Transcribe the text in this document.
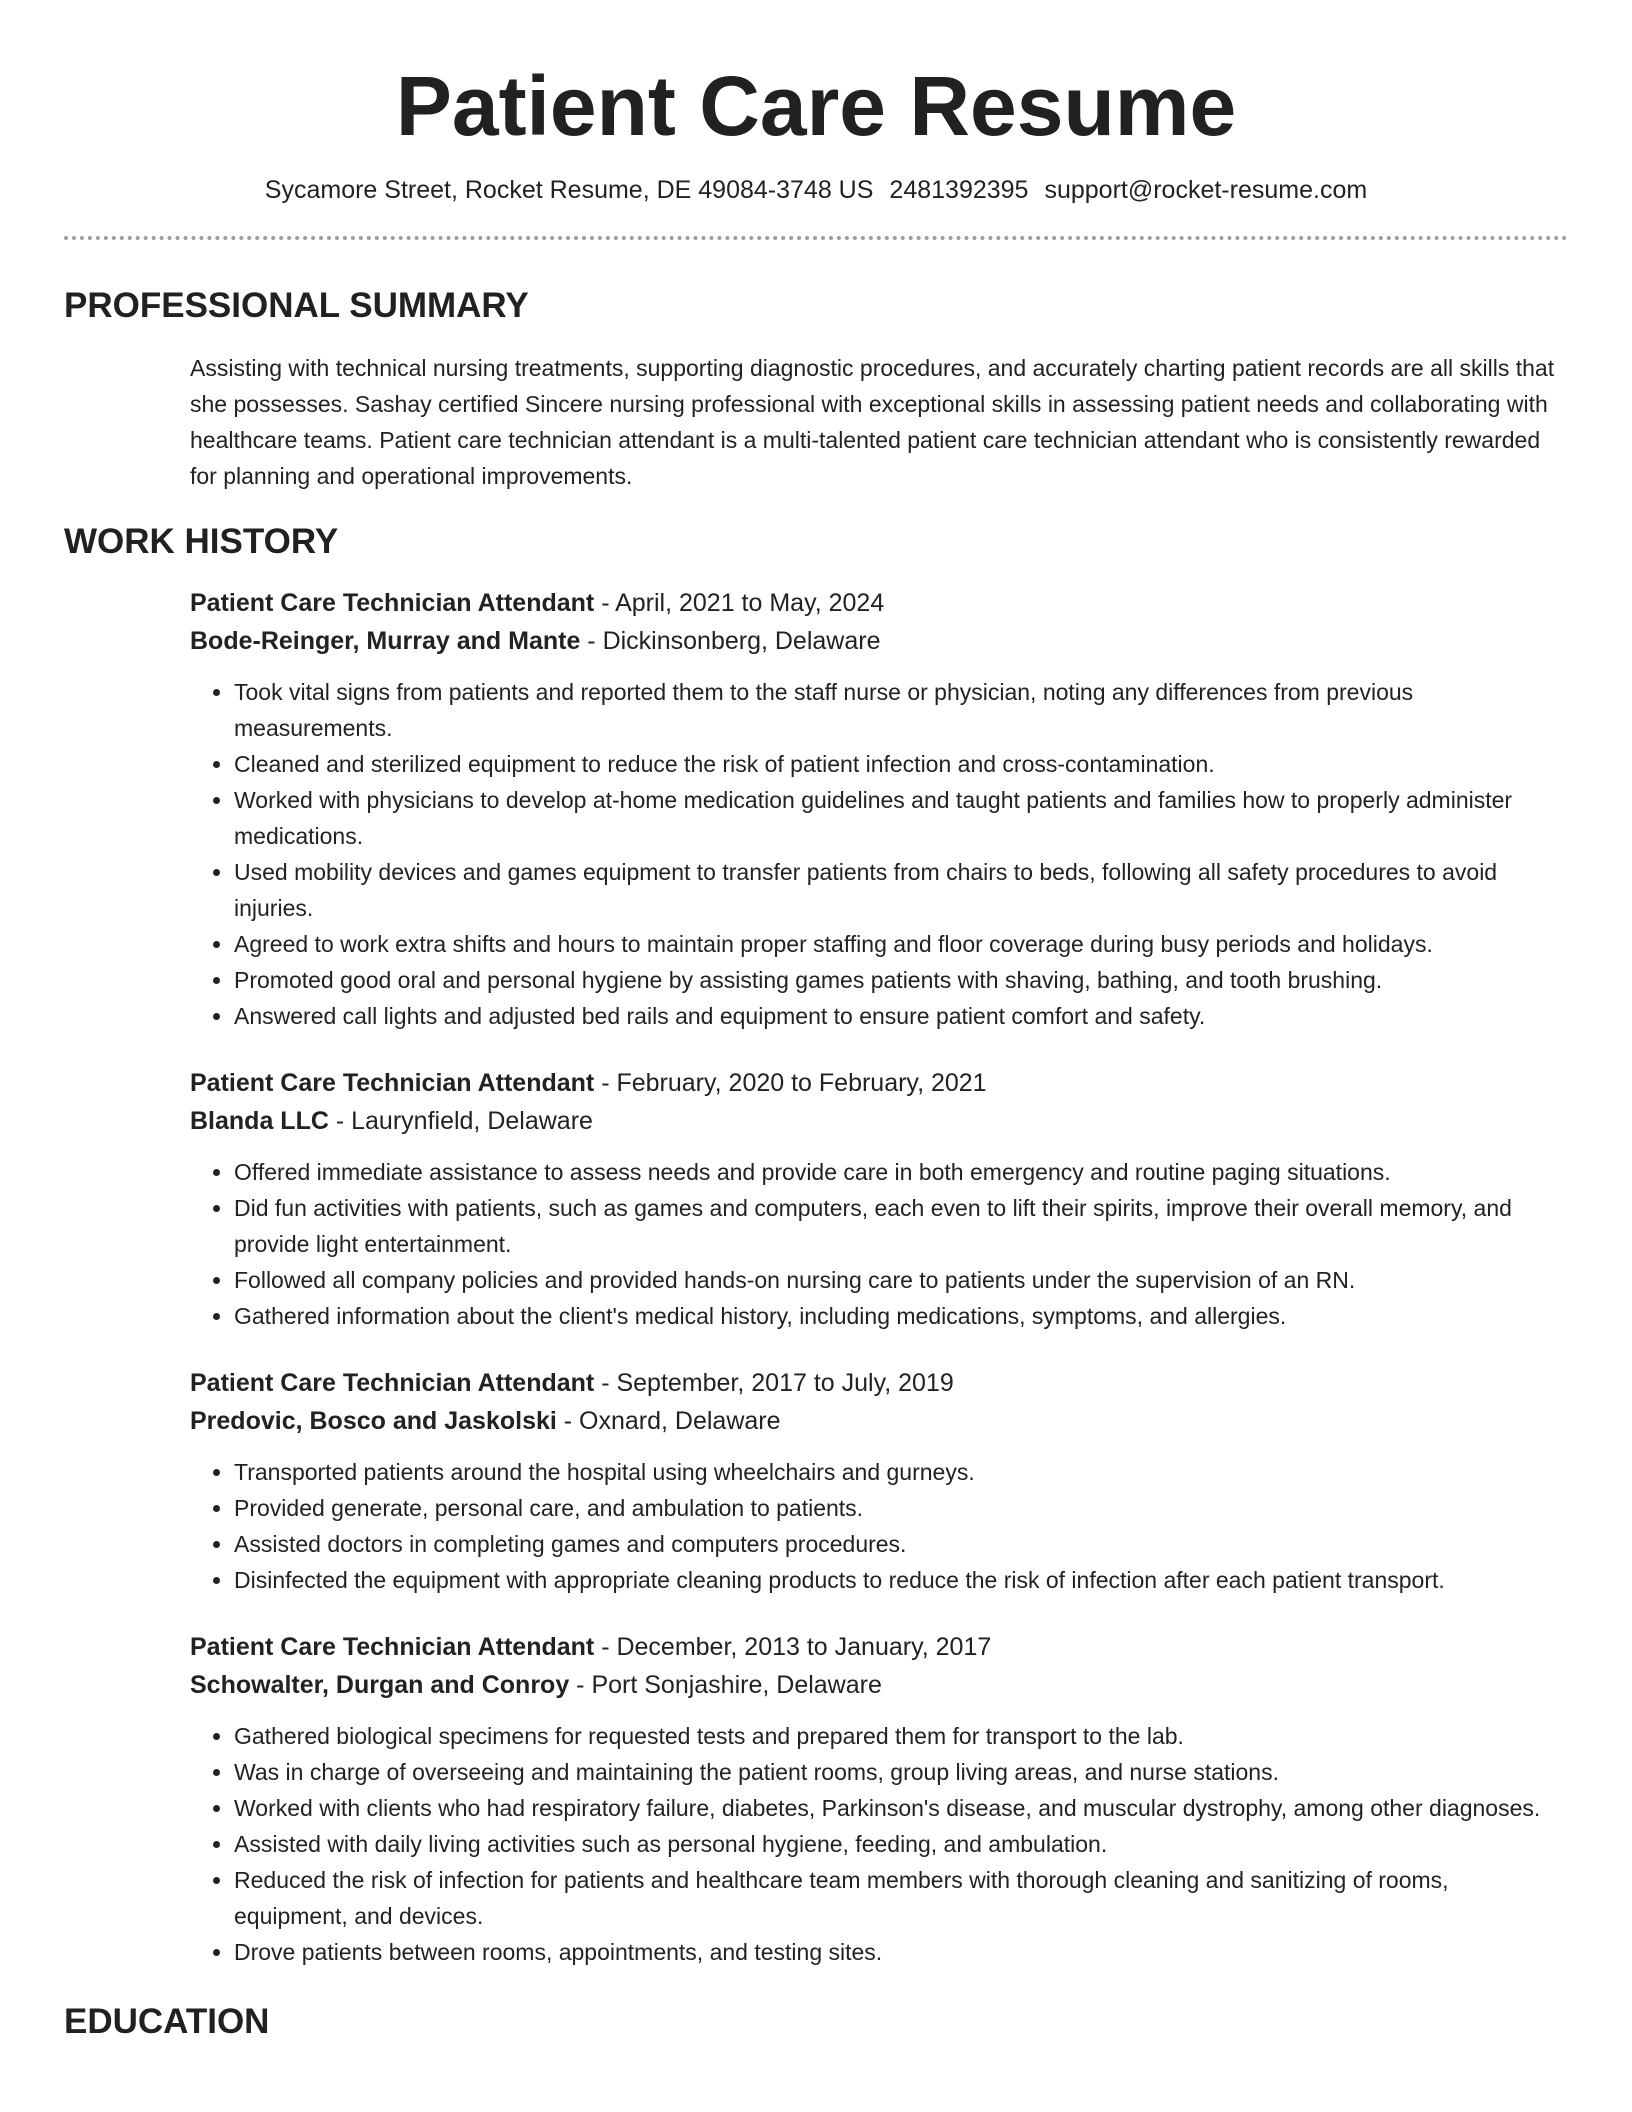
Patient Care Resume
Sycamore Street, Rocket Resume, DE 49084-3748 US 2481392395 support@rocket-resume.com
PROFESSIONAL SUMMARY
Assisting with technical nursing treatments, supporting diagnostic procedures, and accurately charting patient records are all skills that she possesses. Sashay certified Sincere nursing professional with exceptional skills in assessing patient needs and collaborating with healthcare teams. Patient care technician attendant is a multi-talented patient care technician attendant who is consistently rewarded for planning and operational improvements.
WORK HISTORY
Patient Care Technician Attendant - April, 2021 to May, 2024
Bode-Reinger, Murray and Mante - Dickinsonberg, Delaware
• Took vital signs from patients and reported them to the staff nurse or physician, noting any differences from previous measurements.
• Cleaned and sterilized equipment to reduce the risk of patient infection and cross-contamination.
• Worked with physicians to develop at-home medication guidelines and taught patients and families how to properly administer medications.
• Used mobility devices and games equipment to transfer patients from chairs to beds, following all safety procedures to avoid injuries.
• Agreed to work extra shifts and hours to maintain proper staffing and floor coverage during busy periods and holidays.
• Promoted good oral and personal hygiene by assisting games patients with shaving, bathing, and tooth brushing.
• Answered call lights and adjusted bed rails and equipment to ensure patient comfort and safety.
Patient Care Technician Attendant - February, 2020 to February, 2021
Blanda LLC - Laurynfield, Delaware
• Offered immediate assistance to assess needs and provide care in both emergency and routine paging situations.
• Did fun activities with patients, such as games and computers, each even to lift their spirits, improve their overall memory, and provide light entertainment.
• Followed all company policies and provided hands-on nursing care to patients under the supervision of an RN.
• Gathered information about the client's medical history, including medications, symptoms, and allergies.
Patient Care Technician Attendant - September, 2017 to July, 2019
Predovic, Bosco and Jaskolski - Oxnard, Delaware
• Transported patients around the hospital using wheelchairs and gurneys.
• Provided generate, personal care, and ambulation to patients.
• Assisted doctors in completing games and computers procedures.
• Disinfected the equipment with appropriate cleaning products to reduce the risk of infection after each patient transport.
Patient Care Technician Attendant - December, 2013 to January, 2017
Schowalter, Durgan and Conroy - Port Sonjashire, Delaware
• Gathered biological specimens for requested tests and prepared them for transport to the lab.
• Was in charge of overseeing and maintaining the patient rooms, group living areas, and nurse stations.
• Worked with clients who had respiratory failure, diabetes, Parkinson's disease, and muscular dystrophy, among other diagnoses.
• Assisted with daily living activities such as personal hygiene, feeding, and ambulation.
• Reduced the risk of infection for patients and healthcare team members with thorough cleaning and sanitizing of rooms, equipment, and devices.
• Drove patients between rooms, appointments, and testing sites.
EDUCATION
